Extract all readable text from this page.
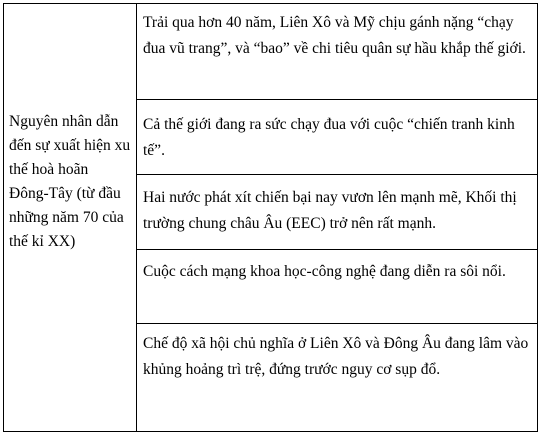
Nguyên nhân dẫn đến sự xuất hiện xu thế hoà hoãn Đông-Tây (từ đầu những năm 70 của thế kỉ XX)
Trải qua hơn 40 năm, Liên Xô và Mỹ chịu gánh nặng “chạy đua vũ trang”, và “bao” về chi tiêu quân sự hầu khắp thế giới.
Cả thế giới đang ra sức chạy đua với cuộc “chiến tranh kinh tế”.
Hai nước phát xít chiến bại nay vươn lên mạnh mẽ, Khối thị trường chung châu Âu (EEC) trở nên rất mạnh.
Cuộc cách mạng khoa học-công nghệ đang diễn ra sôi nổi.
Chế độ xã hội chủ nghĩa ở Liên Xô và Đông Âu đang lâm vào khủng hoảng trì trệ, đứng trước nguy cơ sụp đổ.
